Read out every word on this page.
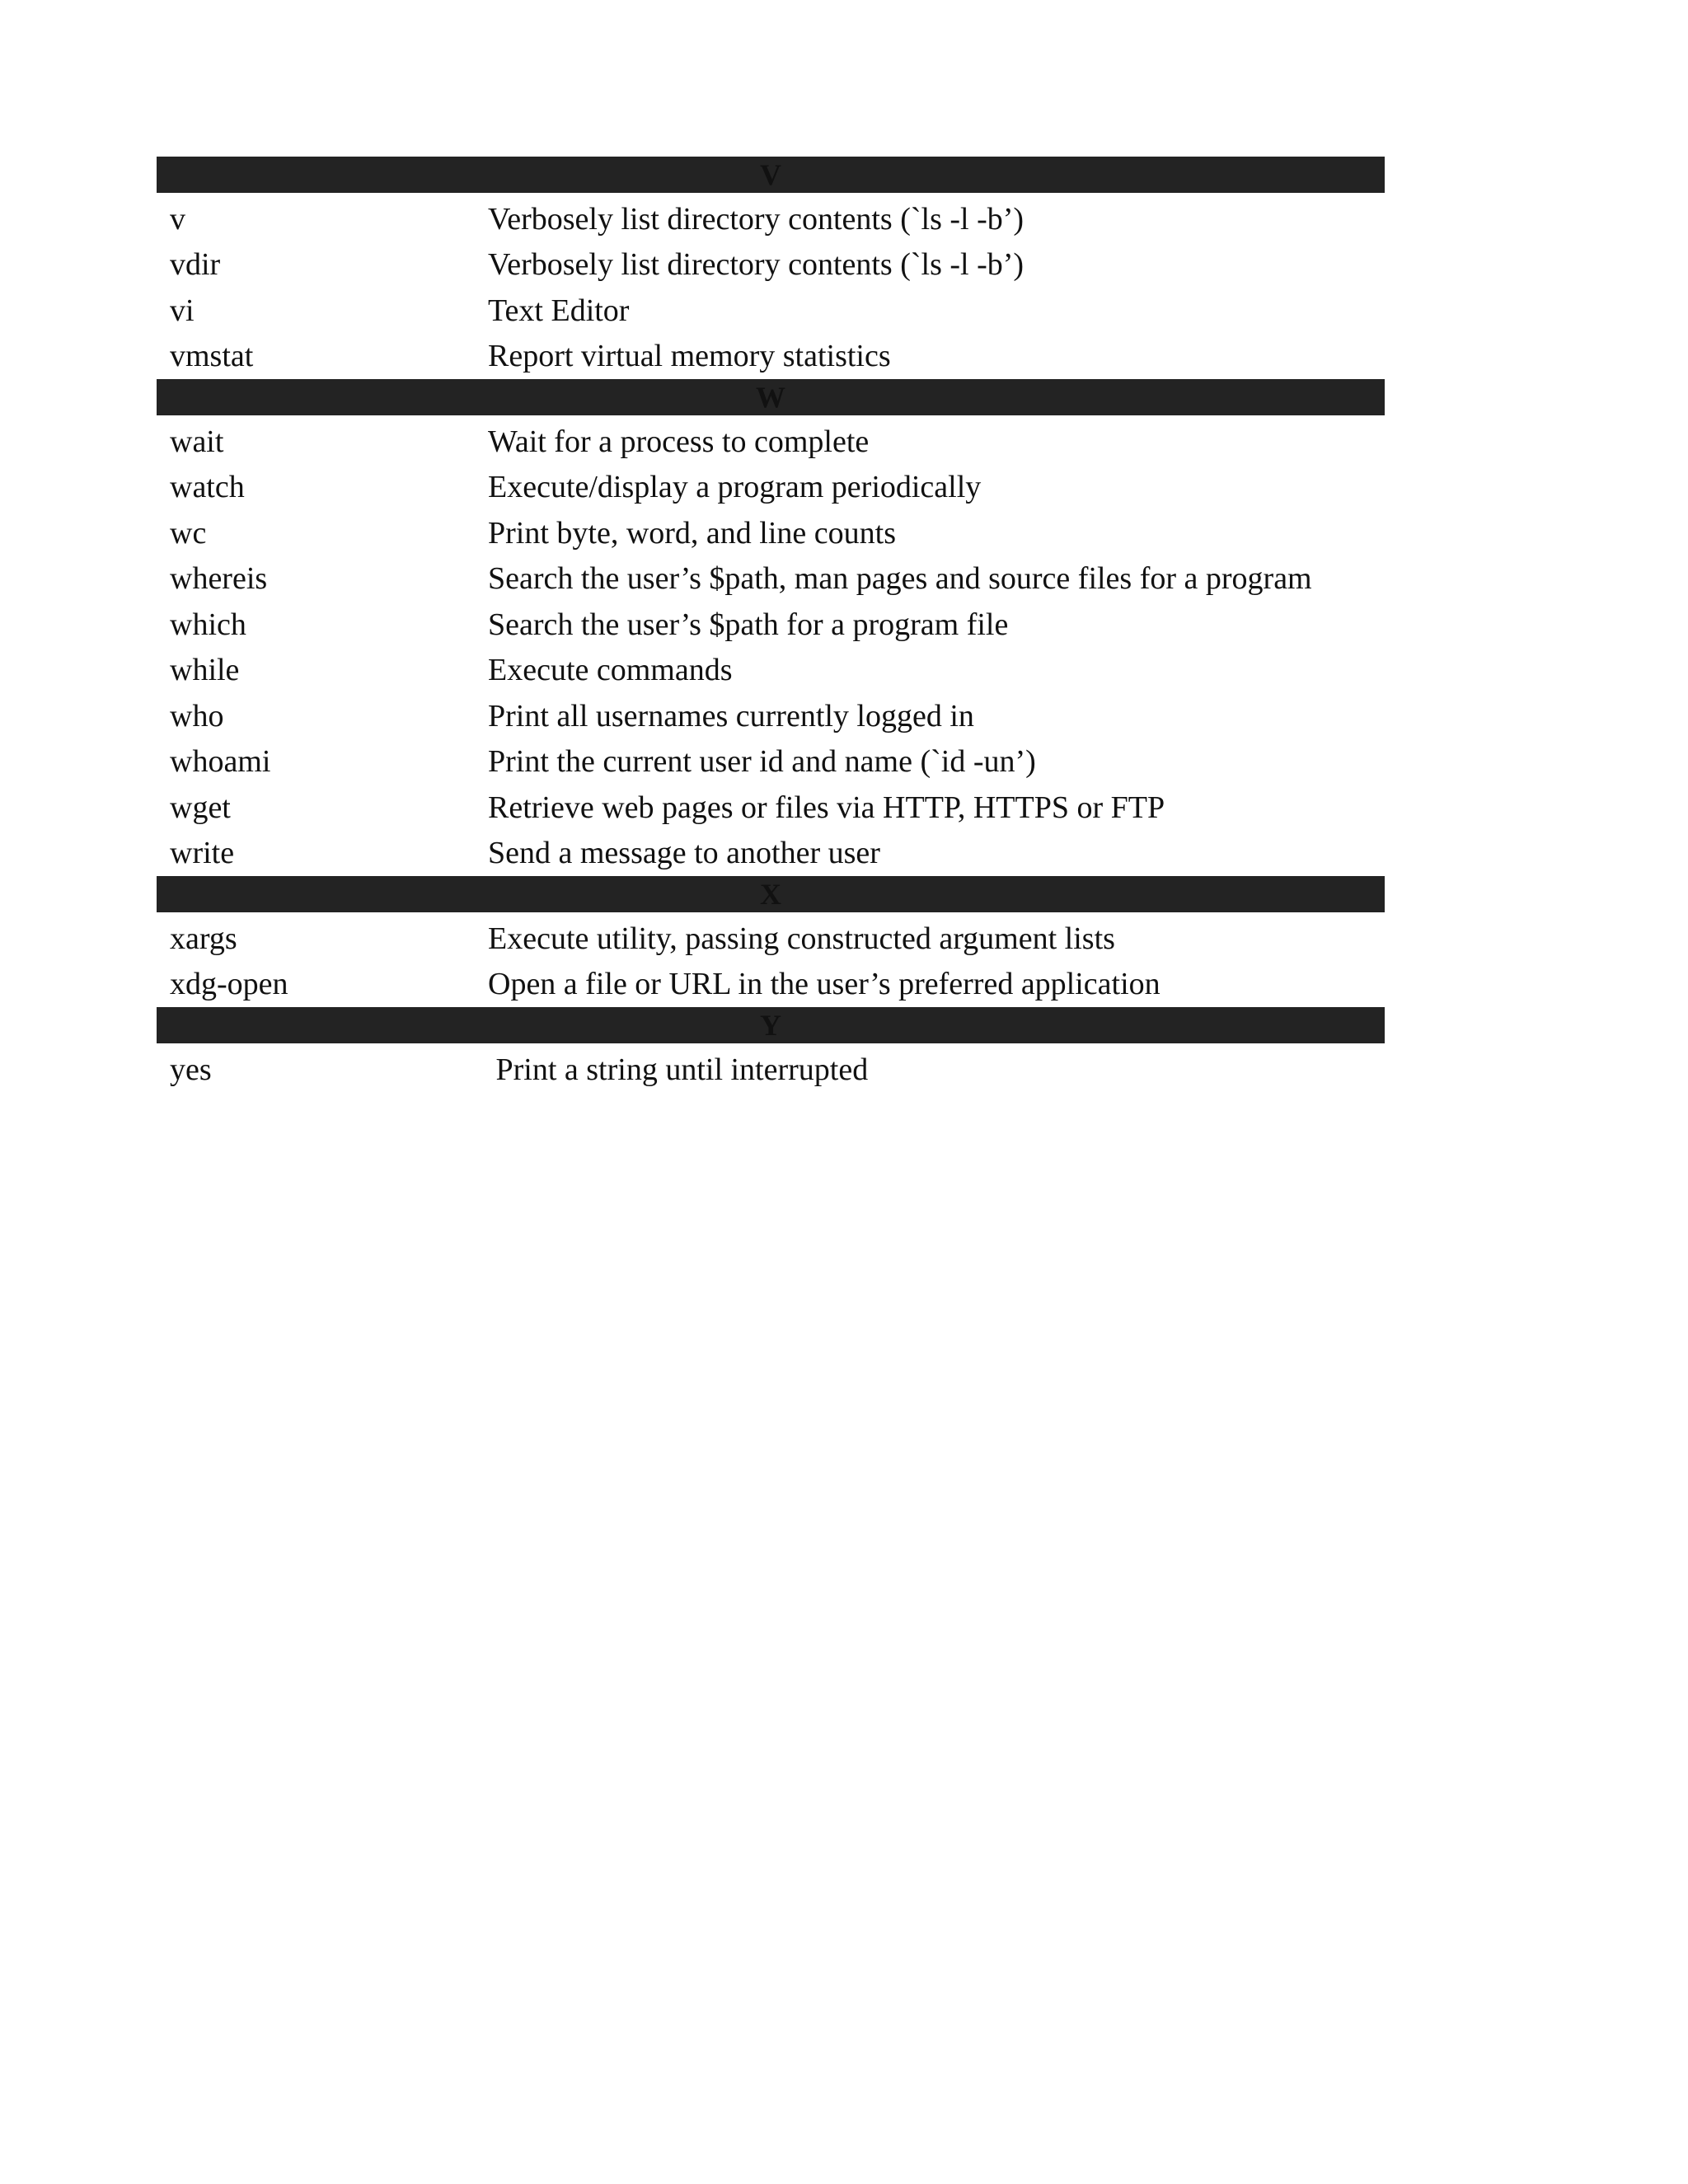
V
v	Verbosely list directory contents (`ls -l -b’)
vdir	Verbosely list directory contents (`ls -l -b’)
vi	Text Editor
vmstat	Report virtual memory statistics
W
wait	Wait for a process to complete
watch	Execute/display a program periodically
wc	Print byte, word, and line counts
whereis	Search the user’s $path, man pages and source files for a program
which	Search the user’s $path for a program file
while	Execute commands
who	Print all usernames currently logged in
whoami	Print the current user id and name (`id -un’)
wget	Retrieve web pages or files via HTTP, HTTPS or FTP
write	Send a message to another user
X
xargs	Execute utility, passing constructed argument lists
xdg-open	Open a file or URL in the user’s preferred application
Y
yes	Print a string until interrupted
